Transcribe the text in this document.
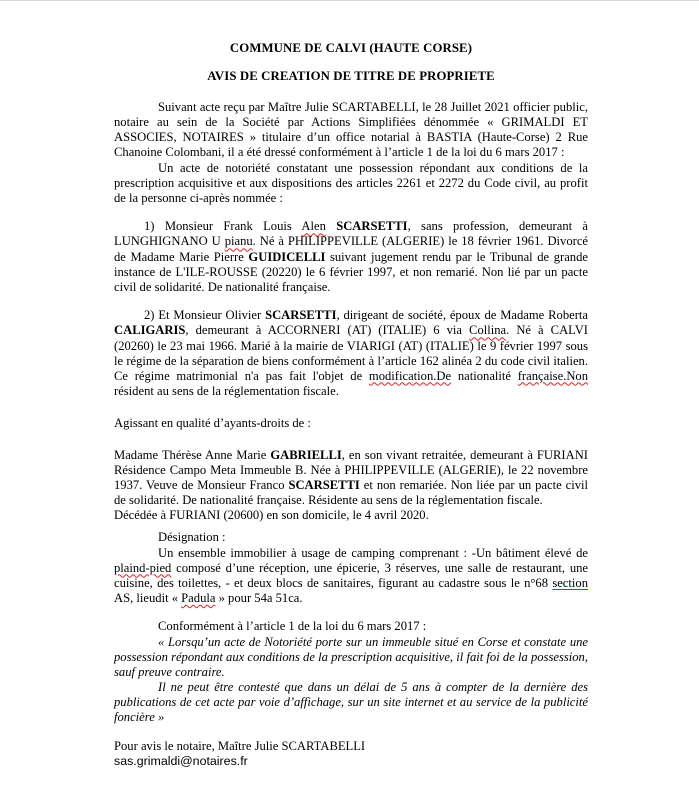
COMMUNE DE CALVI (HAUTE CORSE)
AVIS DE CREATION DE TITRE DE PROPRIETE

Suivant acte reçu par Maître Julie SCARTABELLI, le 28 Juillet 2021 officier public, notaire au sein de la Société par Actions Simplifiées dénommée « GRIMALDI ET ASSOCIES, NOTAIRES » titulaire d’un office notarial à BASTIA (Haute-Corse) 2 Rue Chanoine Colombani, il a été dressé conformément à l’article 1 de la loi du 6 mars 2017 :

Un acte de notoriété constatant une possession répondant aux conditions de la prescription acquisitive et aux dispositions des articles 2261 et 2272 du Code civil, au profit de la personne ci-après nommée :

1) Monsieur Frank Louis Alen SCARSETTI, sans profession, demeurant à LUNGHIGNANO U pianu. Né à PHILIPPEVILLE (ALGERIE) le 18 février 1961. Divorcé de Madame Marie Pierre GUIDICELLI suivant jugement rendu par le Tribunal de grande instance de L'ILE-ROUSSE (20220) le 6 février 1997, et non remarié. Non lié par un pacte civil de solidarité. De nationalité française.

2) Et Monsieur Olivier SCARSETTI, dirigeant de société, époux de Madame Roberta CALIGARIS, demeurant à ACCORNERI (AT) (ITALIE) 6 via Collina. Né à CALVI (20260) le 23 mai 1966. Marié à la mairie de VIARIGI (AT) (ITALIE) le 9 février 1997 sous le régime de la séparation de biens conformément à l’article 162 alinéa 2 du code civil italien. Ce régime matrimonial n'a pas fait l'objet de modification.De nationalité française.Non résident au sens de la réglementation fiscale.

Agissant en qualité d’ayants-droits de :

Madame Thérèse Anne Marie GABRIELLI, en son vivant retraitée, demeurant à FURIANI Résidence Campo Meta Immeuble B. Née à PHILIPPEVILLE (ALGERIE), le 22 novembre 1937. Veuve de Monsieur Franco SCARSETTI et non remariée. Non liée par un pacte civil de solidarité. De nationalité française. Résidente au sens de la réglementation fiscale.

Décédée à FURIANI (20600) en son domicile, le 4 avril 2020.

Désignation :

Un ensemble immobilier à usage de camping comprenant : -Un bâtiment élevé de plaind-pied composé d’une réception, une épicerie, 3 réserves, une salle de restaurant, une cuisine, des toilettes, - et deux blocs de sanitaires, figurant au cadastre sous le n°68 section AS, lieudit « Padula » pour 54a 51ca.

Conformément à l’article 1 de la loi du 6 mars 2017 :

« Lorsqu’un acte de Notoriété porte sur un immeuble situé en Corse et constate une possession répondant aux conditions de la prescription acquisitive, il fait foi de la possession, sauf preuve contraire.

Il ne peut être contesté que dans un délai de 5 ans à compter de la dernière des publications de cet acte par voie d’affichage, sur un site internet et au service de la publicité foncière »

Pour avis le notaire, Maître Julie SCARTABELLI

sas.grimaldi@notaires.fr
